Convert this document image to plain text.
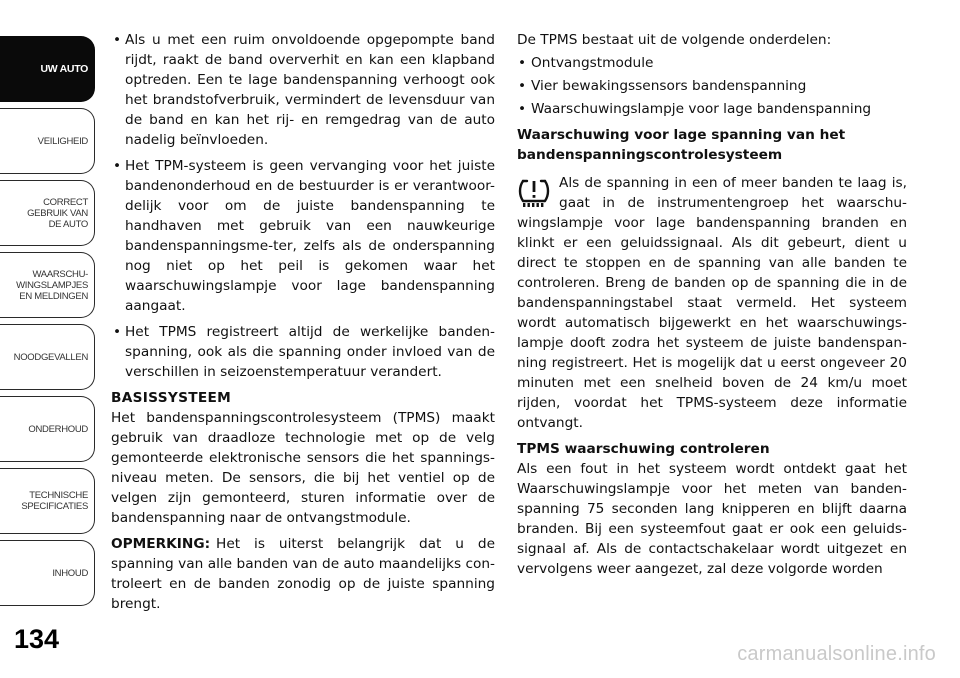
UW AUTO
VEILIGHEID
CORRECT
GEBRUIK VAN
DE AUTO
WAARSCHU-
WINGSLAMPJES
EN MELDINGEN
NOODGEVALLEN
ONDERHOUD
TECHNISCHE
SPECIFICATIES
INHOUD
134

• Als u met een ruim onvoldoende opgepompte band rijdt, raakt de band oververhit en kan een klapband optreden. Een te lage bandenspanning verhoogt ook het brandstofverbruik, vermindert de levensduur van de band en kan het rij- en remgedrag van de auto nadelig beïnvloeden.

• Het TPM-systeem is geen vervanging voor het juiste bandenonderhoud en de bestuurder is er verantwoor-delijk voor om de juiste bandenspanning te handhaven met gebruik van een nauwkeurige bandenspanningsme-ter, zelfs als de onderspanning nog niet op het peil is gekomen waar het waarschuwingslampje voor lage bandenspanning aangaat.

• Het TPMS registreert altijd de werkelijke banden-spanning, ook als die spanning onder invloed van de verschillen in seizoenstemperatuur verandert.

BASISSYSTEEM

Het bandenspanningscontrolesysteem (TPMS) maakt gebruik van draadloze technologie met op de velg gemonteerde elektronische sensors die het spannings-niveau meten. De sensors, die bij het ventiel op de velgen zijn gemonteerd, sturen informatie over de bandenspanning naar de ontvangstmodule.

OPMERKING: Het is uiterst belangrijk dat u de spanning van alle banden van de auto maandelijks con-troleert en de banden zonodig op de juiste spanning brengt.

De TPMS bestaat uit de volgende onderdelen:

• Ontvangstmodule
• Vier bewakingssensors bandenspanning
• Waarschuwingslampje voor lage bandenspanning
Waarschuwing voor lage spanning van het bandenspanningscontrolesysteem

Als de spanning in een of meer banden te laag is, gaat in de instrumentengroep het waarschu-wingslampje voor lage bandenspanning branden en klinkt er een geluidssignaal. Als dit gebeurt, dient u direct te stoppen en de spanning van alle banden te controleren. Breng de banden op de spanning die in de bandenspanningstabel staat vermeld. Het systeem wordt automatisch bijgewerkt en het waarschuwings-lampje dooft zodra het systeem de juiste bandenspan-ning registreert. Het is mogelijk dat u eerst ongeveer 20 minuten met een snelheid boven de 24 km/u moet rijden, voordat het TPMS-systeem deze informatie ontvangt.

TPMS waarschuwing controleren

Als een fout in het systeem wordt ontdekt gaat het Waarschuwingslampje voor het meten van banden-spanning 75 seconden lang knipperen en blijft daarna branden. Bij een systeemfout gaat er ook een geluids-signaal af. Als de contactschakelaar wordt uitgezet en vervolgens weer aangezet, zal deze volgorde worden

carmanualsonline.info
